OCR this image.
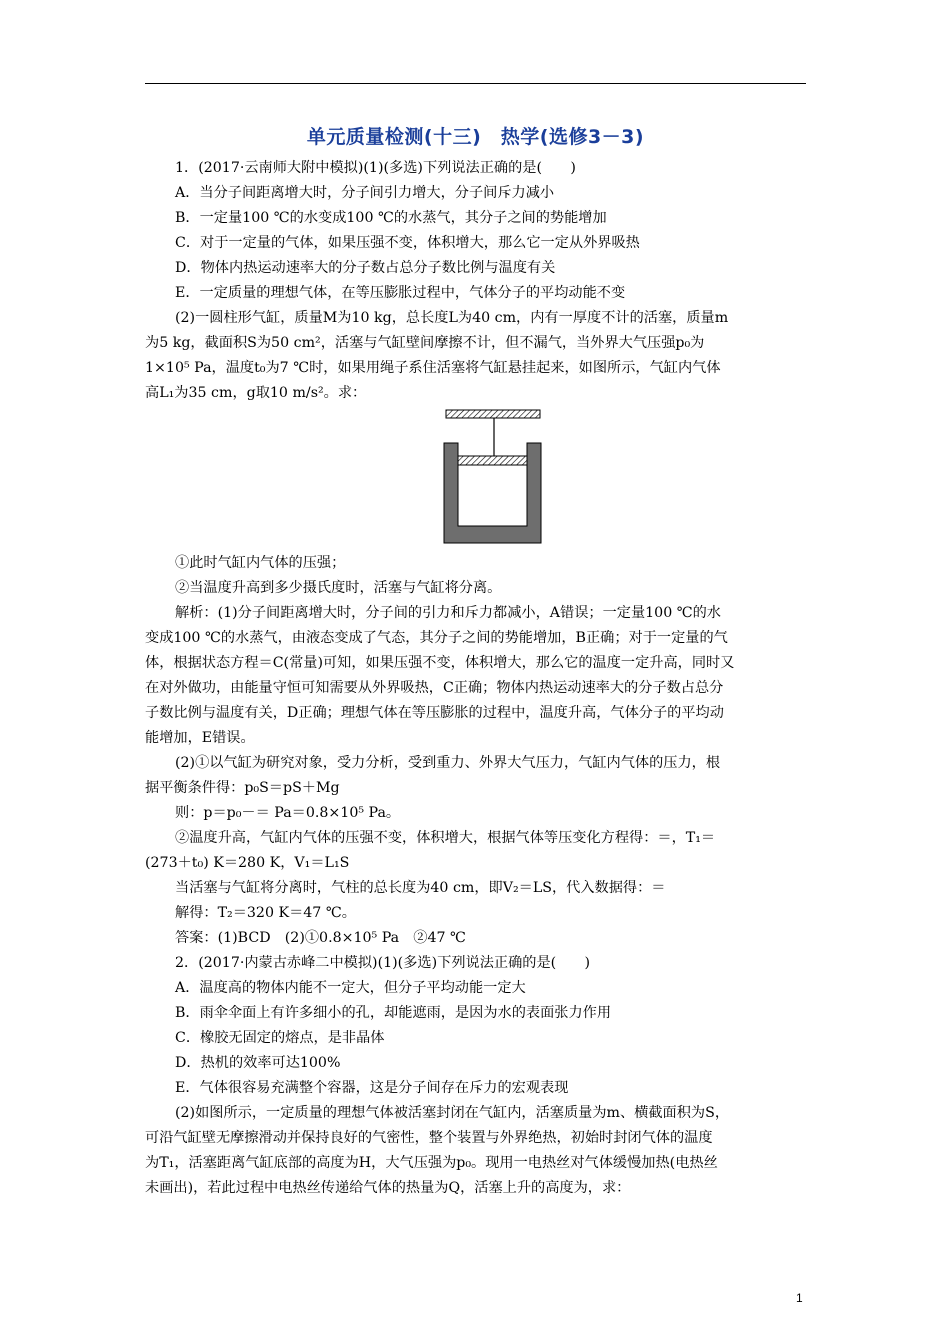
单元质量检测(十三)　热学(选修3－3)
1．(2017·云南师大附中模拟)(1)(多选)下列说法正确的是(　　)
A．当分子间距离增大时，分子间引力增大，分子间斥力减小
B．一定量100 ℃的水变成100 ℃的水蒸气，其分子之间的势能增加
C．对于一定量的气体，如果压强不变，体积增大，那么它一定从外界吸热
D．物体内热运动速率大的分子数占总分子数比例与温度有关
E．一定质量的理想气体，在等压膨胀过程中，气体分子的平均动能不变
(2)一圆柱形气缸，质量M为10 kg，总长度L为40 cm，内有一厚度不计的活塞，质量m
为5 kg，截面积S为50 cm²，活塞与气缸壁间摩擦不计，但不漏气，当外界大气压强p₀为
1×10⁵ Pa，温度t₀为7 ℃时，如果用绳子系住活塞将气缸悬挂起来，如图所示，气缸内气体
高L₁为35 cm，g取10 m/s²。求：
①此时气缸内气体的压强；
②当温度升高到多少摄氏度时，活塞与气缸将分离。
解析：(1)分子间距离增大时，分子间的引力和斥力都减小，A错误；一定量100 ℃的水
变成100 ℃的水蒸气，由液态变成了气态，其分子之间的势能增加，B正确；对于一定量的气
体，根据状态方程＝C(常量)可知，如果压强不变，体积增大，那么它的温度一定升高，同时又
在对外做功，由能量守恒可知需要从外界吸热，C正确；物体内热运动速率大的分子数占总分
子数比例与温度有关，D正确；理想气体在等压膨胀的过程中，温度升高，气体分子的平均动
能增加，E错误。
(2)①以气缸为研究对象，受力分析，受到重力、外界大气压力，气缸内气体的压力，根
据平衡条件得：p₀S＝pS＋Mg
则：p＝p₀－＝ Pa＝0.8×10⁵ Pa。
②温度升高，气缸内气体的压强不变，体积增大，根据气体等压变化方程得：＝，T₁＝
(273＋t₀) K＝280 K，V₁＝L₁S
当活塞与气缸将分离时，气柱的总长度为40 cm，即V₂＝LS，代入数据得：＝
解得：T₂＝320 K＝47 ℃。
答案：(1)BCD　(2)①0.8×10⁵ Pa　②47 ℃
2．(2017·内蒙古赤峰二中模拟)(1)(多选)下列说法正确的是(　　)
A．温度高的物体内能不一定大，但分子平均动能一定大
B．雨伞伞面上有许多细小的孔，却能遮雨，是因为水的表面张力作用
C．橡胶无固定的熔点，是非晶体
D．热机的效率可达100%
E．气体很容易充满整个容器，这是分子间存在斥力的宏观表现
(2)如图所示，一定质量的理想气体被活塞封闭在气缸内，活塞质量为m、横截面积为S，
可沿气缸壁无摩擦滑动并保持良好的气密性，整个装置与外界绝热，初始时封闭气体的温度
为T₁，活塞距离气缸底部的高度为H，大气压强为p₀。现用一电热丝对气体缓慢加热(电热丝
未画出)，若此过程中电热丝传递给气体的热量为Q，活塞上升的高度为，求：
1
